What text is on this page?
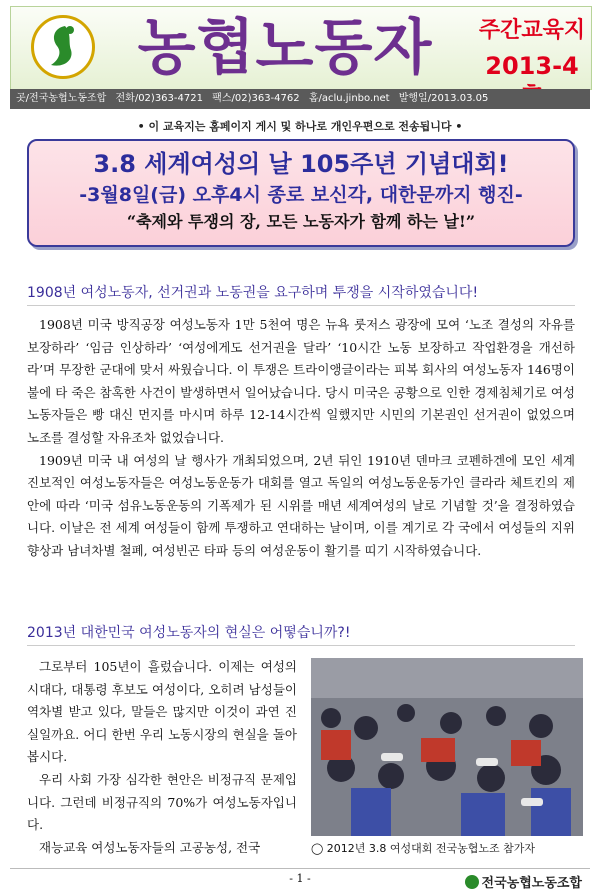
농협노동자 주간교육지
2013-4
곳/전국농협노동조합 전화/02)363-4721 팩스/02)363-4762 홈/aclu.jinbo.net 발행일/2013.03.05
• 이 교육지는 홈페이지 게시 및 하나로 개인우편으로 전송됩니다 •
3.8 세계여성의 날 105주년 기념대회!
-3월8일(금) 오후4시 종로 보신각, 대한문까지 행진-
“축제와 투쟁의 장, 모든 노동자가 함께 하는 날!”
1908년 여성노동자, 선거권과 노동권을 요구하며 투쟁을 시작하였습니다!

1908년 미국 방직공장 여성노동자 1만 5천여 명은 뉴욕 룻저스 광장에 모여 ‘노조 결성의 자유를 보장하라’ ‘임금 인상하라’ ‘여성에게도 선거권을 달라’ ‘10시간 노동 보장하고 작업환경을 개선하라’며 무장한 군대에 맞서 싸웠습니다. 이 투쟁은 트라이앵글이라는 피복 회사의 여성노동자 146명이 불에 타 죽은 참혹한 사건이 발생하면서 일어났습니다. 당시 미국은 공황으로 인한 경제침체기로 여성노동자들은 빵 대신 먼지를 마시며 하루 12-14시간씩 일했지만 시민의 기본권인 선거권이 없었으며 노조를 결성할 자유조차 없었습니다.

1909년 미국 내 여성의 날 행사가 개최되었으며, 2년 뒤인 1910년 덴마크 코펜하겐에 모인 세계 진보적인 여성노동자들은 여성노동운동가 대회를 열고 독일의 여성노동운동가인 클라라 체트킨의 제안에 따라 ‘미국 섬유노동운동의 기폭제가 된 시위를 매년 세계여성의 날로 기념할 것’을 결정하였습니다. 이날은 전 세계 여성들이 함께 투쟁하고 연대하는 날이며, 이를 계기로 각 국에서 여성들의 지위 향상과 남녀차별 철폐, 여성빈곤 타파 등의 여성운동이 활기를 띠기 시작하였습니다.

2013년 대한민국 여성노동자의 현실은 어떻습니까?!

그로부터 105년이 흘렀습니다. 이제는 여성의 시대다, 대통령 후보도 여성이다, 오히려 남성들이 역차별 받고 있다, 말들은 많지만 이것이 과연 진실일까요. 어디 한번 우리 노동시장의 현실을 돌아봅시다.

우리 사회 가장 심각한 현안은 비정규직 문제입니다. 그런데 비정규직의 70%가 여성노동자입니다.

재능교육 여성노동자들의 고공농성, 전국	◯ 2012년 3.8 여성대회 전국농협노조 참가자
- 1 -	전국농협노동조합
